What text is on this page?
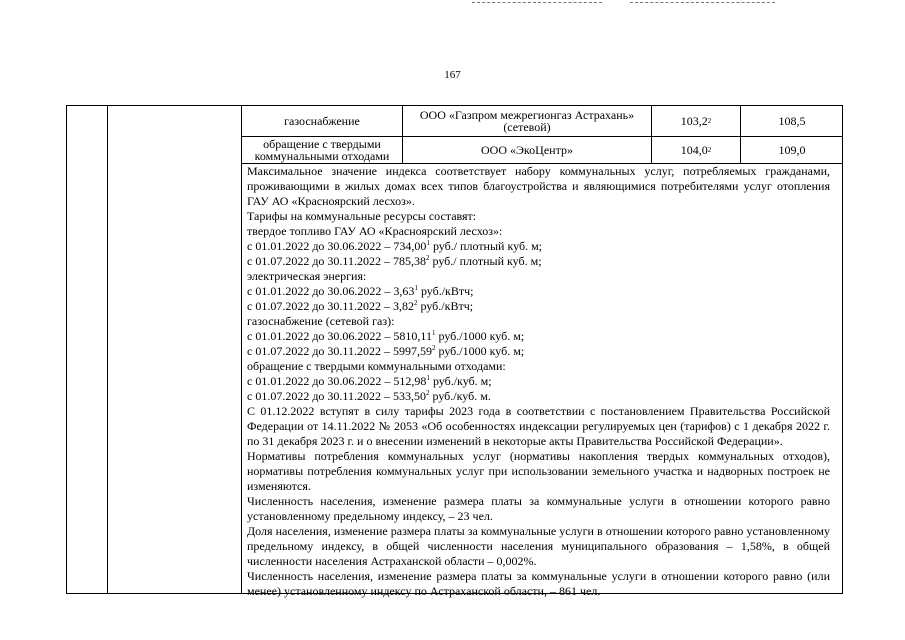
167
газоснабжение	ООО «Газпром межрегионгаз Астрахань» (сетевой)	103,2 2	108,5
обращение с твердыми коммунальными отходами	ООО «ЭкоЦентр»	104,0 2	109,0

Максимальное значение индекса соответствует набору коммунальных услуг, потребляемых гражданами, проживающими в жилых домах всех типов благоустройства и являющимися потребителями услуг отопления ГАУ АО «Красноярский лесхоз».

Тарифы на коммунальные ресурсы составят:

твердое топливо ГАУ АО «Красноярский лесхоз»:

с 01.01.2022 до 30.06.2022 – 734,00$^1$ руб./ плотный куб. м;

с 01.07.2022 до 30.11.2022 – 785,38$^2$ руб./ плотный куб. м;

электрическая энергия:

с 01.01.2022 до 30.06.2022 – 3,63$^1$ руб./кВтч;

с 01.07.2022 до 30.11.2022 – 3,82$^2$ руб./кВтч;

газоснабжение (сетевой газ):

с 01.01.2022 до 30.06.2022 – 5810,11$^1$ руб./1000 куб. м;

с 01.07.2022 до 30.11.2022 – 5997,59$^2$ руб./1000 куб. м;

обращение с твердыми коммунальными отходами:

с 01.01.2022 до 30.06.2022 – 512,98$^1$ руб./куб. м;

с 01.07.2022 до 30.11.2022 – 533,50$^2$ руб./куб. м.

С 01.12.2022 вступят в силу тарифы 2023 года в соответствии с постановлением Правительства Российской Федерации от 14.11.2022 № 2053 «Об особенностях индексации регулируемых цен (тарифов) с 1 декабря 2022 г. по 31 декабря 2023 г. и о внесении изменений в некоторые акты Правительства Российской Федерации».

Нормативы потребления коммунальных услуг (нормативы накопления твердых коммунальных отходов), нормативы потребления коммунальных услуг при использовании земельного участка и надворных построек не изменяются.

Численность населения, изменение размера платы за коммунальные услуги в отношении которого равно установленному предельному индексу, – 23 чел.

Доля населения, изменение размера платы за коммунальные услуги в отношении которого равно установленному предельному индексу, в общей численности населения муниципального образования – 1,58%, в общей численности населения Астраханской области – 0,002%.

Численность населения, изменение размера платы за коммунальные услуги в отношении которого равно (или менее) установленному индексу по Астраханской области, – 861 чел.
